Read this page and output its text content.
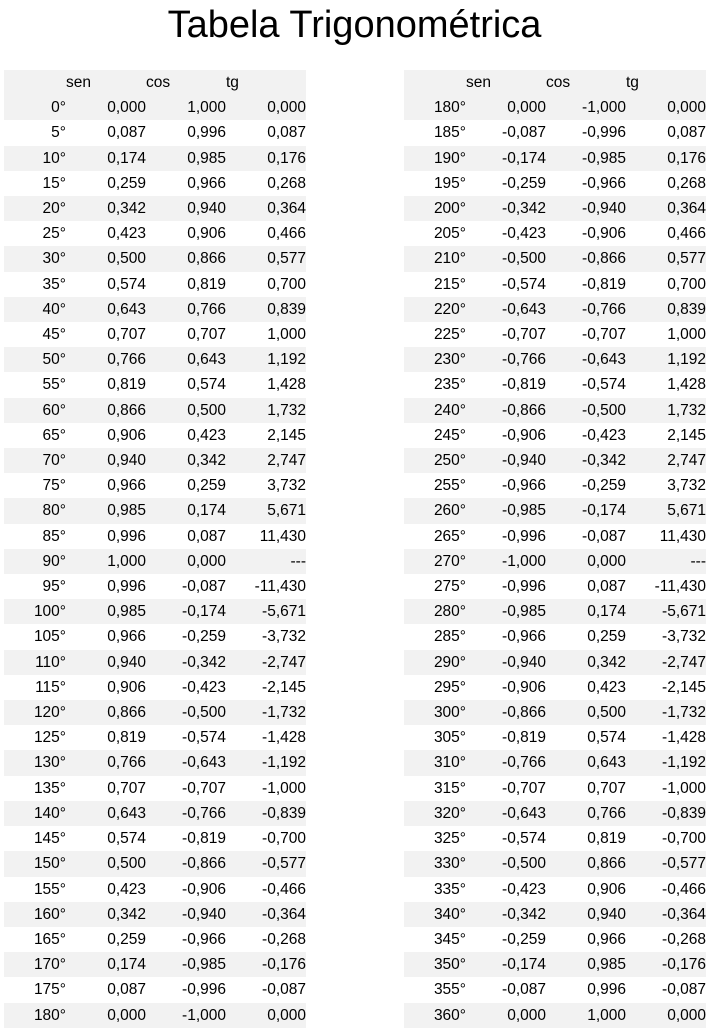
Tabela Trigonométrica
	sen	cos	tg
0°	0,000	1,000	0,000
5°	0,087	0,996	0,087
10°	0,174	0,985	0,176
15°	0,259	0,966	0,268
20°	0,342	0,940	0,364
25°	0,423	0,906	0,466
30°	0,500	0,866	0,577
35°	0,574	0,819	0,700
40°	0,643	0,766	0,839
45°	0,707	0,707	1,000
50°	0,766	0,643	1,192
55°	0,819	0,574	1,428
60°	0,866	0,500	1,732
65°	0,906	0,423	2,145
70°	0,940	0,342	2,747
75°	0,966	0,259	3,732
80°	0,985	0,174	5,671
85°	0,996	0,087	11,430
90°	1,000	0,000	---
95°	0,996	-0,087	-11,430
100°	0,985	-0,174	-5,671
105°	0,966	-0,259	-3,732
110°	0,940	-0,342	-2,747
115°	0,906	-0,423	-2,145
120°	0,866	-0,500	-1,732
125°	0,819	-0,574	-1,428
130°	0,766	-0,643	-1,192
135°	0,707	-0,707	-1,000
140°	0,643	-0,766	-0,839
145°	0,574	-0,819	-0,700
150°	0,500	-0,866	-0,577
155°	0,423	-0,906	-0,466
160°	0,342	-0,940	-0,364
165°	0,259	-0,966	-0,268
170°	0,174	-0,985	-0,176
175°	0,087	-0,996	-0,087
180°	0,000	-1,000	0,000
	sen	cos	tg
180°	0,000	-1,000	0,000
185°	-0,087	-0,996	0,087
190°	-0,174	-0,985	0,176
195°	-0,259	-0,966	0,268
200°	-0,342	-0,940	0,364
205°	-0,423	-0,906	0,466
210°	-0,500	-0,866	0,577
215°	-0,574	-0,819	0,700
220°	-0,643	-0,766	0,839
225°	-0,707	-0,707	1,000
230°	-0,766	-0,643	1,192
235°	-0,819	-0,574	1,428
240°	-0,866	-0,500	1,732
245°	-0,906	-0,423	2,145
250°	-0,940	-0,342	2,747
255°	-0,966	-0,259	3,732
260°	-0,985	-0,174	5,671
265°	-0,996	-0,087	11,430
270°	-1,000	0,000	---
275°	-0,996	0,087	-11,430
280°	-0,985	0,174	-5,671
285°	-0,966	0,259	-3,732
290°	-0,940	0,342	-2,747
295°	-0,906	0,423	-2,145
300°	-0,866	0,500	-1,732
305°	-0,819	0,574	-1,428
310°	-0,766	0,643	-1,192
315°	-0,707	0,707	-1,000
320°	-0,643	0,766	-0,839
325°	-0,574	0,819	-0,700
330°	-0,500	0,866	-0,577
335°	-0,423	0,906	-0,466
340°	-0,342	0,940	-0,364
345°	-0,259	0,966	-0,268
350°	-0,174	0,985	-0,176
355°	-0,087	0,996	-0,087
360°	0,000	1,000	0,000
